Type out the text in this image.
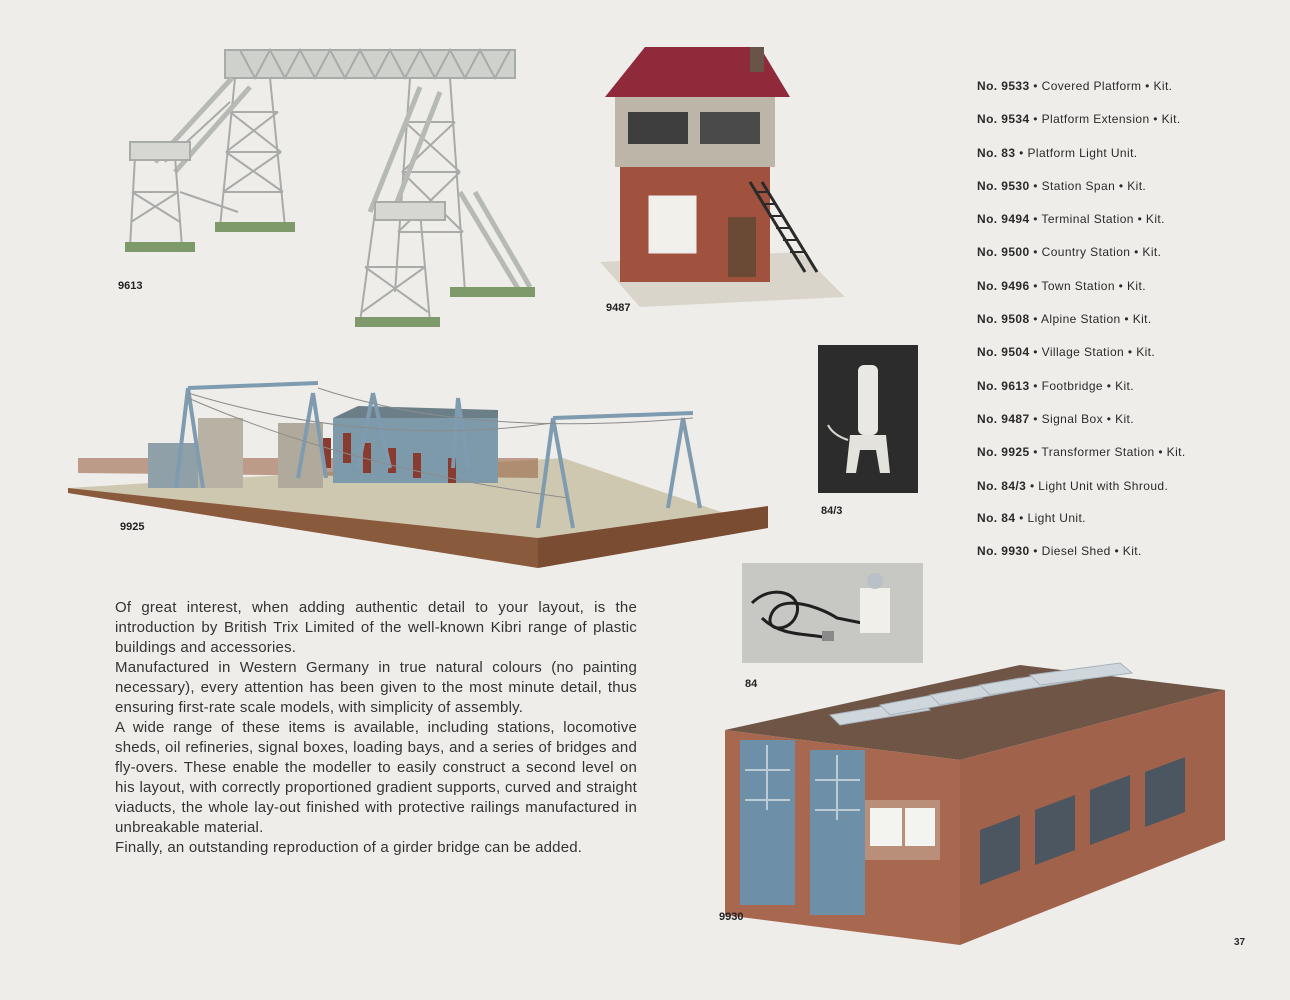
9613
9487
9925
84/3
84
9930
No. 9533 • Covered Platform • Kit.
No. 9534 • Platform Extension • Kit.
No. 83 • Platform Light Unit.
No. 9530 • Station Span • Kit.
No. 9494 • Terminal Station • Kit.
No. 9500 • Country Station • Kit.
No. 9496 • Town Station • Kit.
No. 9508 • Alpine Station • Kit.
No. 9504 • Village Station • Kit.
No. 9613 • Footbridge • Kit.
No. 9487 • Signal Box • Kit.
No. 9925 • Transformer Station • Kit.
No. 84/3 • Light Unit with Shroud.
No. 84 • Light Unit.
No. 9930 • Diesel Shed • Kit.

Of great interest, when adding authentic detail to your layout, is the introduction by British Trix Limited of the well-known Kibri range of plastic buildings and accessories.

Manufactured in Western Germany in true natural colours (no painting necessary), every attention has been given to the most minute detail, thus ensuring first-rate scale models, with simplicity of assembly.

A wide range of these items is available, including stations, locomotive sheds, oil refineries, signal boxes, loading bays, and a series of bridges and fly-overs. These enable the modeller to easily construct a second level on his layout, with correctly proportioned gradient supports, curved and straight viaducts, the whole lay-out finished with protective railings manufactured in unbreakable material.

Finally, an outstanding reproduction of a girder bridge can be added.

37
